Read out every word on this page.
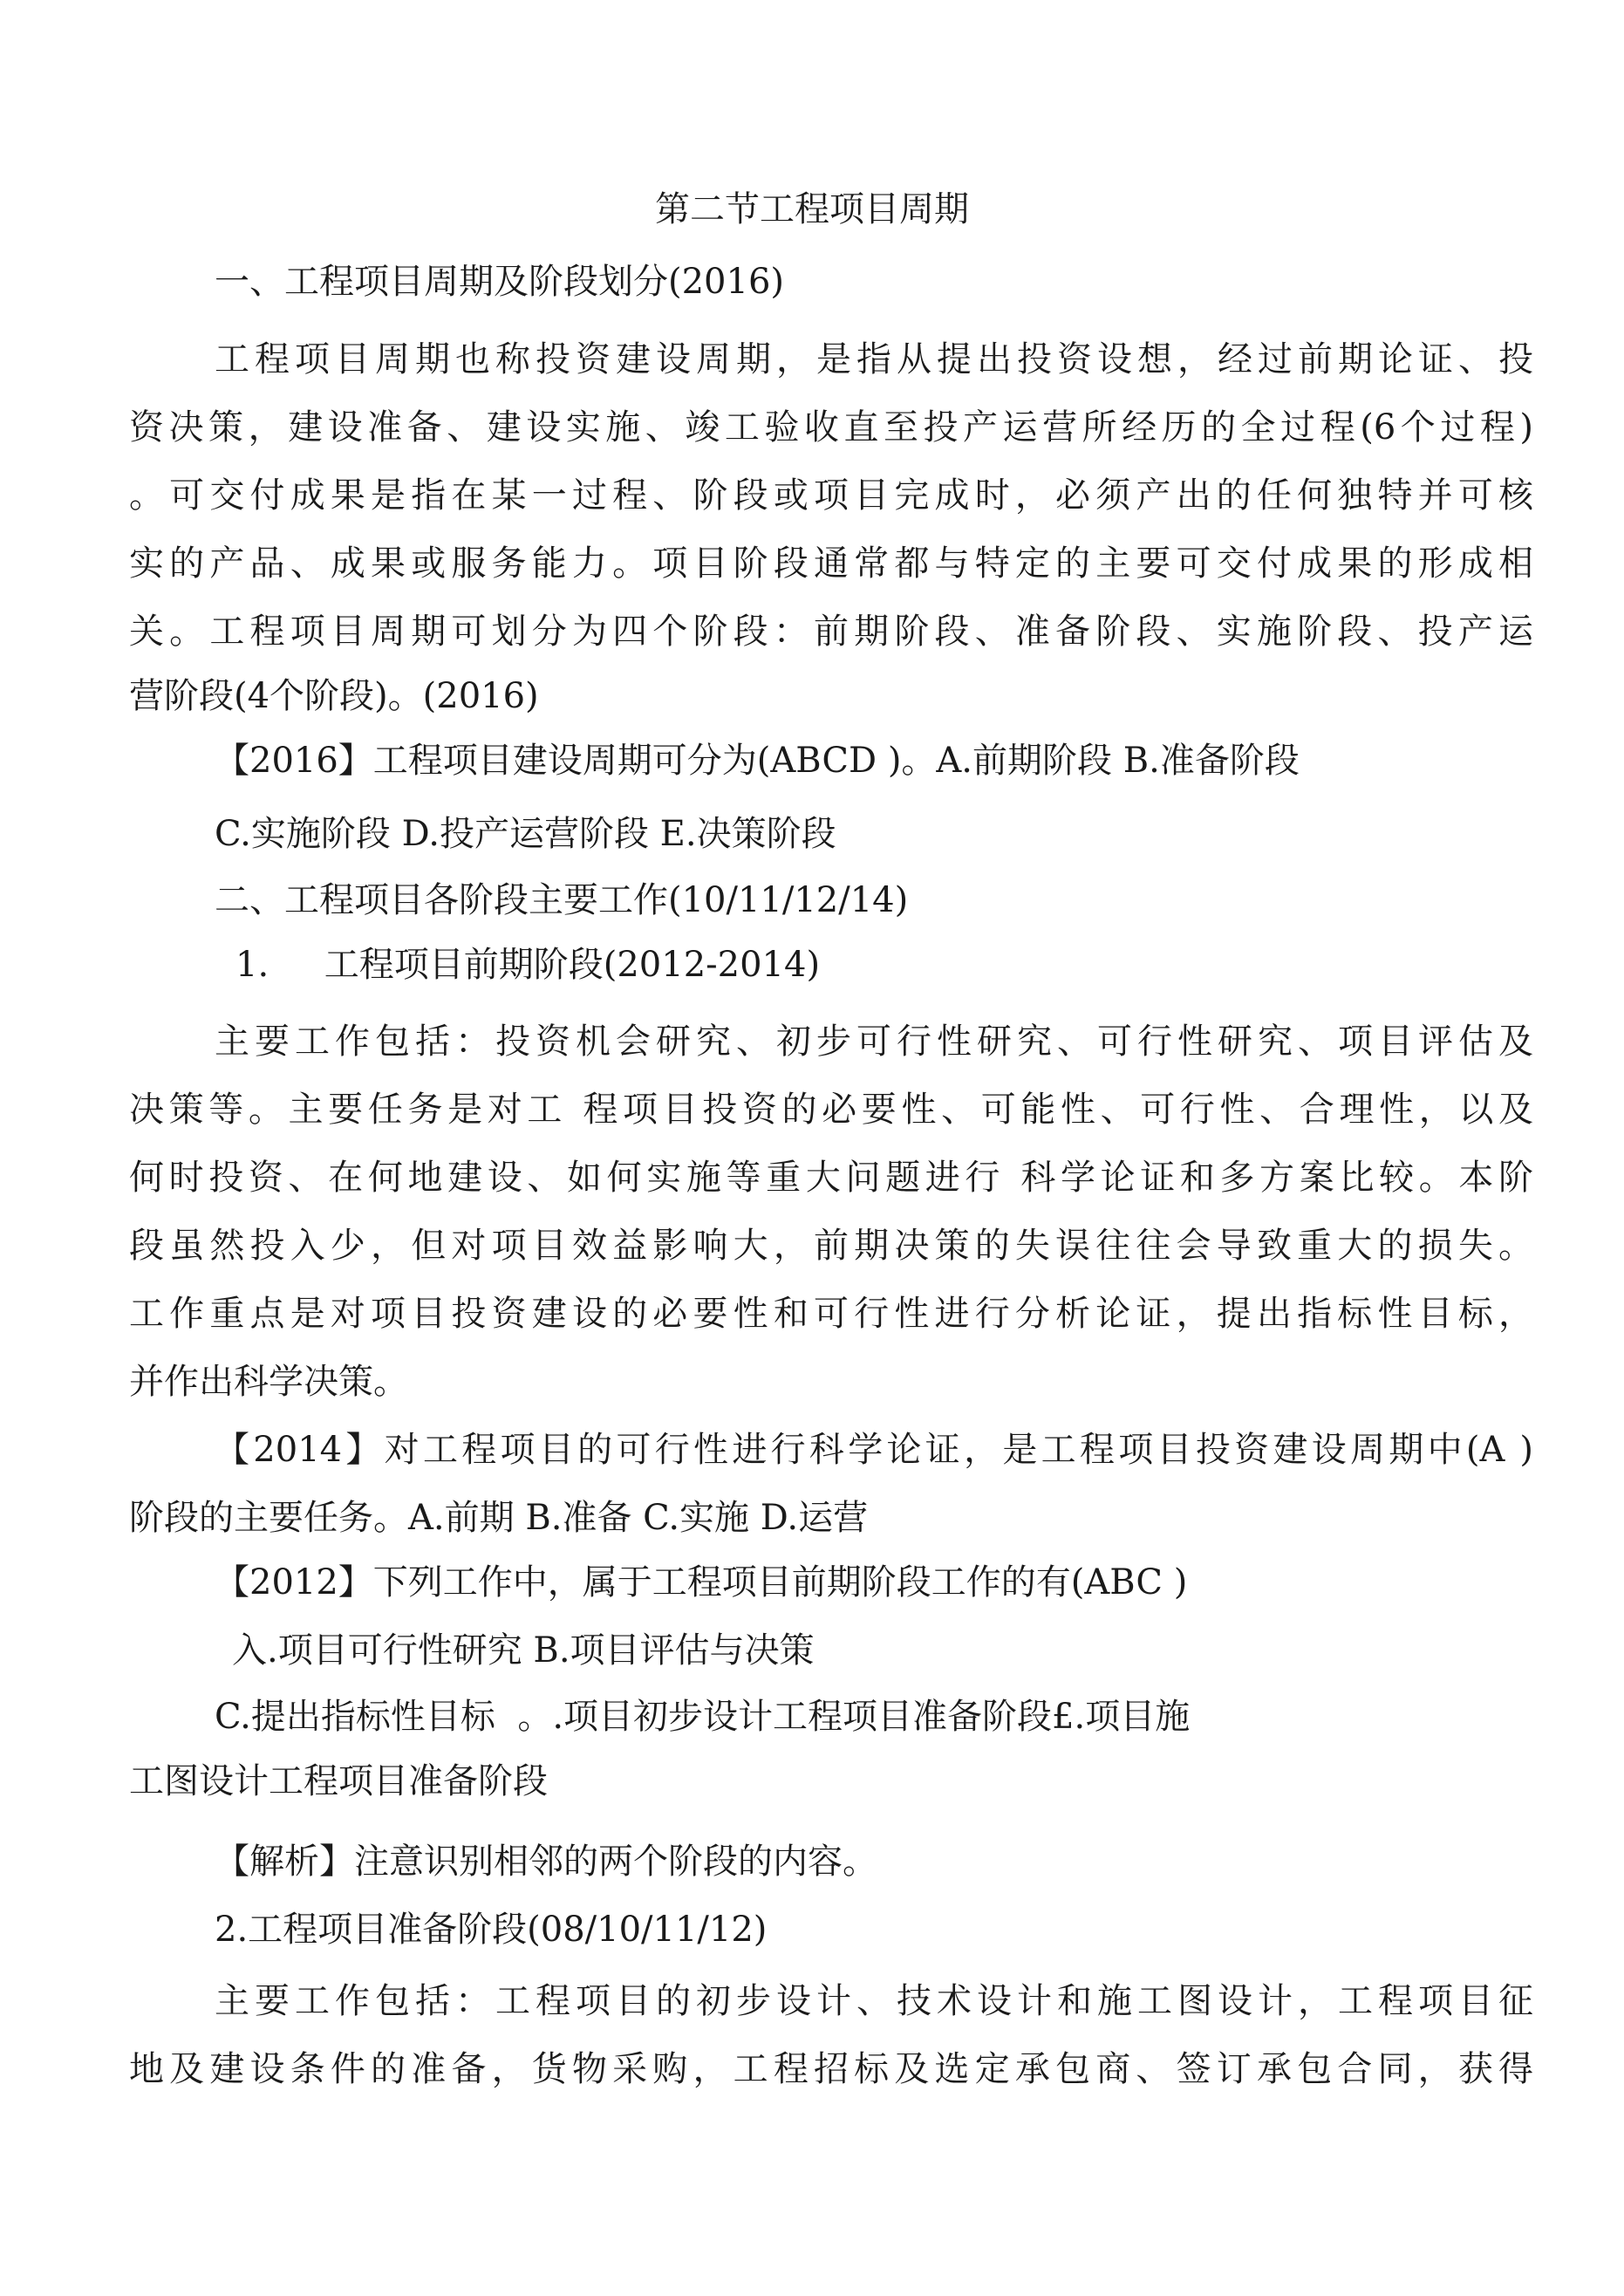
第二节工程项目周期
一、工程项目周期及阶段划分(2016)
工程项目周期也称投资建设周期，是指从提出投资设想，经过前期论证、投
资决策，建设准备、建设实施、竣工验收直至投产运营所经历的全过程(6个过程)
。可交付成果是指在某一过程、阶段或项目完成时，必须产出的任何独特并可核
实的产品、成果或服务能力。项目阶段通常都与特定的主要可交付成果的形成相
关。工程项目周期可划分为四个阶段：前期阶段、准备阶段、实施阶段、投产运
营阶段(4个阶段)。(2016)
【2016】工程项目建设周期可分为(ABCD )。A.前期阶段 B.准备阶段
C.实施阶段 D.投产运营阶段 E.决策阶段
二、工程项目各阶段主要工作(10/11/12/14)
1.     工程项目前期阶段(2012-2014)
主要工作包括：投资机会研究、初步可行性研究、可行性研究、项目评估及
决策等。主要任务是对工 程项目投资的必要性、可能性、可行性、合理性，以及
何时投资、在何地建设、如何实施等重大问题进行 科学论证和多方案比较。本阶
段虽然投入少，但对项目效益影响大，前期决策的失误往往会导致重大的损失。
工作重点是对项目投资建设的必要性和可行性进行分析论证，提出指标性目标，
并作出科学决策。
【2014】对工程项目的可行性进行科学论证，是工程项目投资建设周期中(A )
阶段的主要任务。A.前期 B.准备 C.实施 D.运营
【2012】下列工作中，属于工程项目前期阶段工作的有(ABC )
入.项目可行性研究 B.项目评估与决策
C.提出指标性目标  。.项目初步设计工程项目准备阶段£.项目施
工图设计工程项目准备阶段
【解析】注意识别相邻的两个阶段的内容。
2.工程项目准备阶段(08/10/11/12)
主要工作包括：工程项目的初步设计、技术设计和施工图设计，工程项目征
地及建设条件的准备，货物采购，工程招标及选定承包商、签订承包合同，获得
